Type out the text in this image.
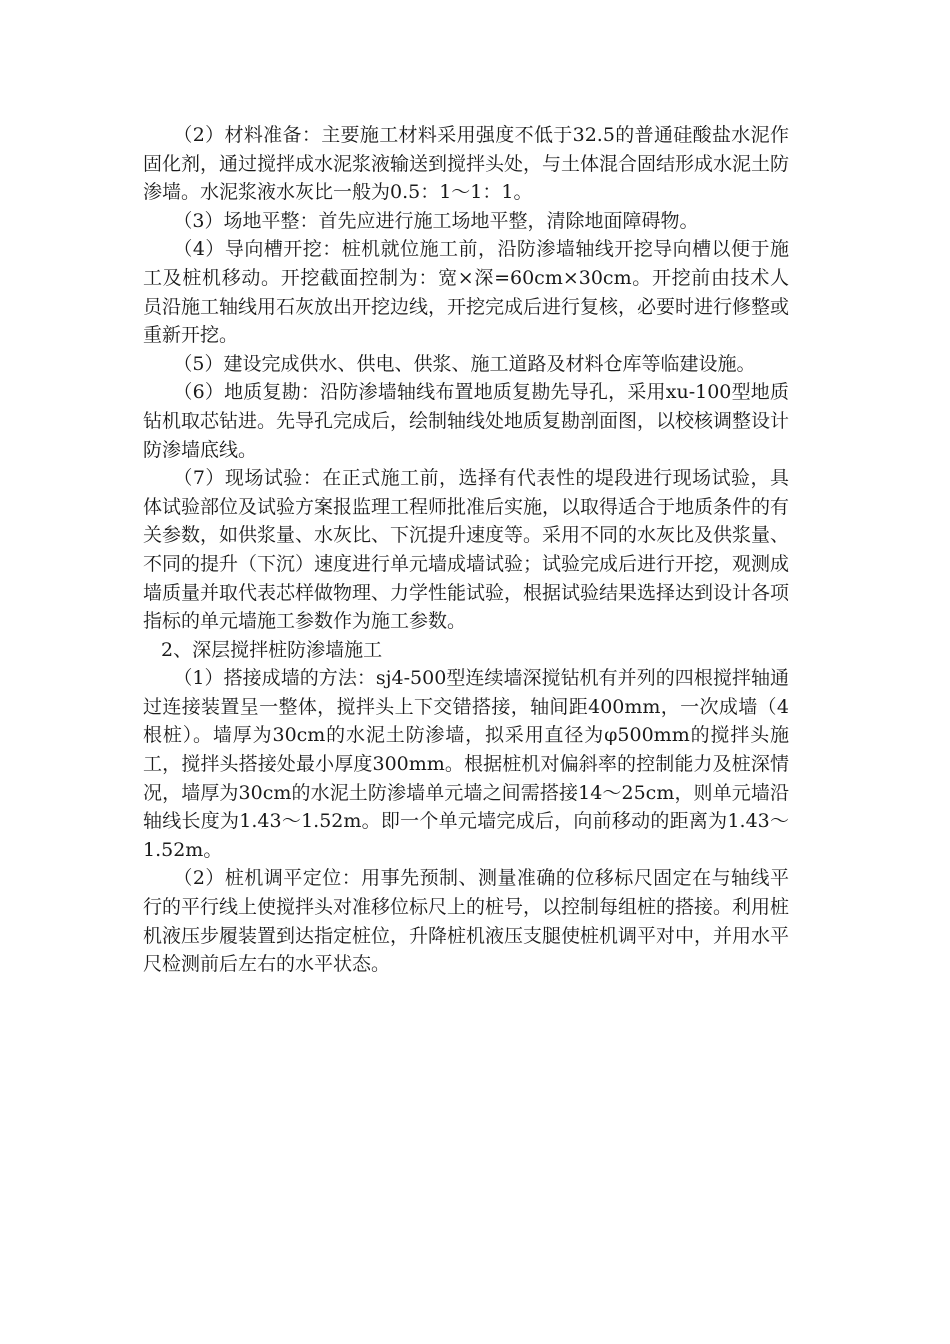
（2）材料准备：主要施工材料采用强度不低于32.5的普通硅酸盐水泥作固化剂，通过搅拌成水泥浆液输送到搅拌头处，与土体混合固结形成水泥土防渗墙。水泥浆液水灰比一般为0.5：1～1：1。

（3）场地平整：首先应进行施工场地平整，清除地面障碍物。

（4）导向槽开挖：桩机就位施工前，沿防渗墙轴线开挖导向槽以便于施工及桩机移动。开挖截面控制为：宽×深=60cm×30cm。开挖前由技术人员沿施工轴线用石灰放出开挖边线，开挖完成后进行复核，必要时进行修整或重新开挖。

（5）建设完成供水、供电、供浆、施工道路及材料仓库等临建设施。

（6）地质复勘：沿防渗墙轴线布置地质复勘先导孔，采用xu-100型地质钻机取芯钻进。先导孔完成后，绘制轴线处地质复勘剖面图，以校核调整设计防渗墙底线。

（7）现场试验：在正式施工前，选择有代表性的堤段进行现场试验，具体试验部位及试验方案报监理工程师批准后实施，以取得适合于地质条件的有关参数，如供浆量、水灰比、下沉提升速度等。采用不同的水灰比及供浆量、不同的提升（下沉）速度进行单元墙成墙试验；试验完成后进行开挖，观测成墙质量并取代表芯样做物理、力学性能试验，根据试验结果选择达到设计各项指标的单元墙施工参数作为施工参数。

2、深层搅拌桩防渗墙施工

（1）搭接成墙的方法：sj4-500型连续墙深搅钻机有并列的四根搅拌轴通过连接装置呈一整体，搅拌头上下交错搭接，轴间距400mm，一次成墙（4根桩）。墙厚为30cm的水泥土防渗墙，拟采用直径为φ500mm的搅拌头施工，搅拌头搭接处最小厚度300mm。根据桩机对偏斜率的控制能力及桩深情况，墙厚为30cm的水泥土防渗墙单元墙之间需搭接14～25cm，则单元墙沿轴线长度为1.43～1.52m。即一个单元墙完成后，向前移动的距离为1.43～1.52m。

（2）桩机调平定位：用事先预制、测量准确的位移标尺固定在与轴线平行的平行线上使搅拌头对准移位标尺上的桩号，以控制每组桩的搭接。利用桩机液压步履装置到达指定桩位，升降桩机液压支腿使桩机调平对中，并用水平尺检测前后左右的水平状态。
